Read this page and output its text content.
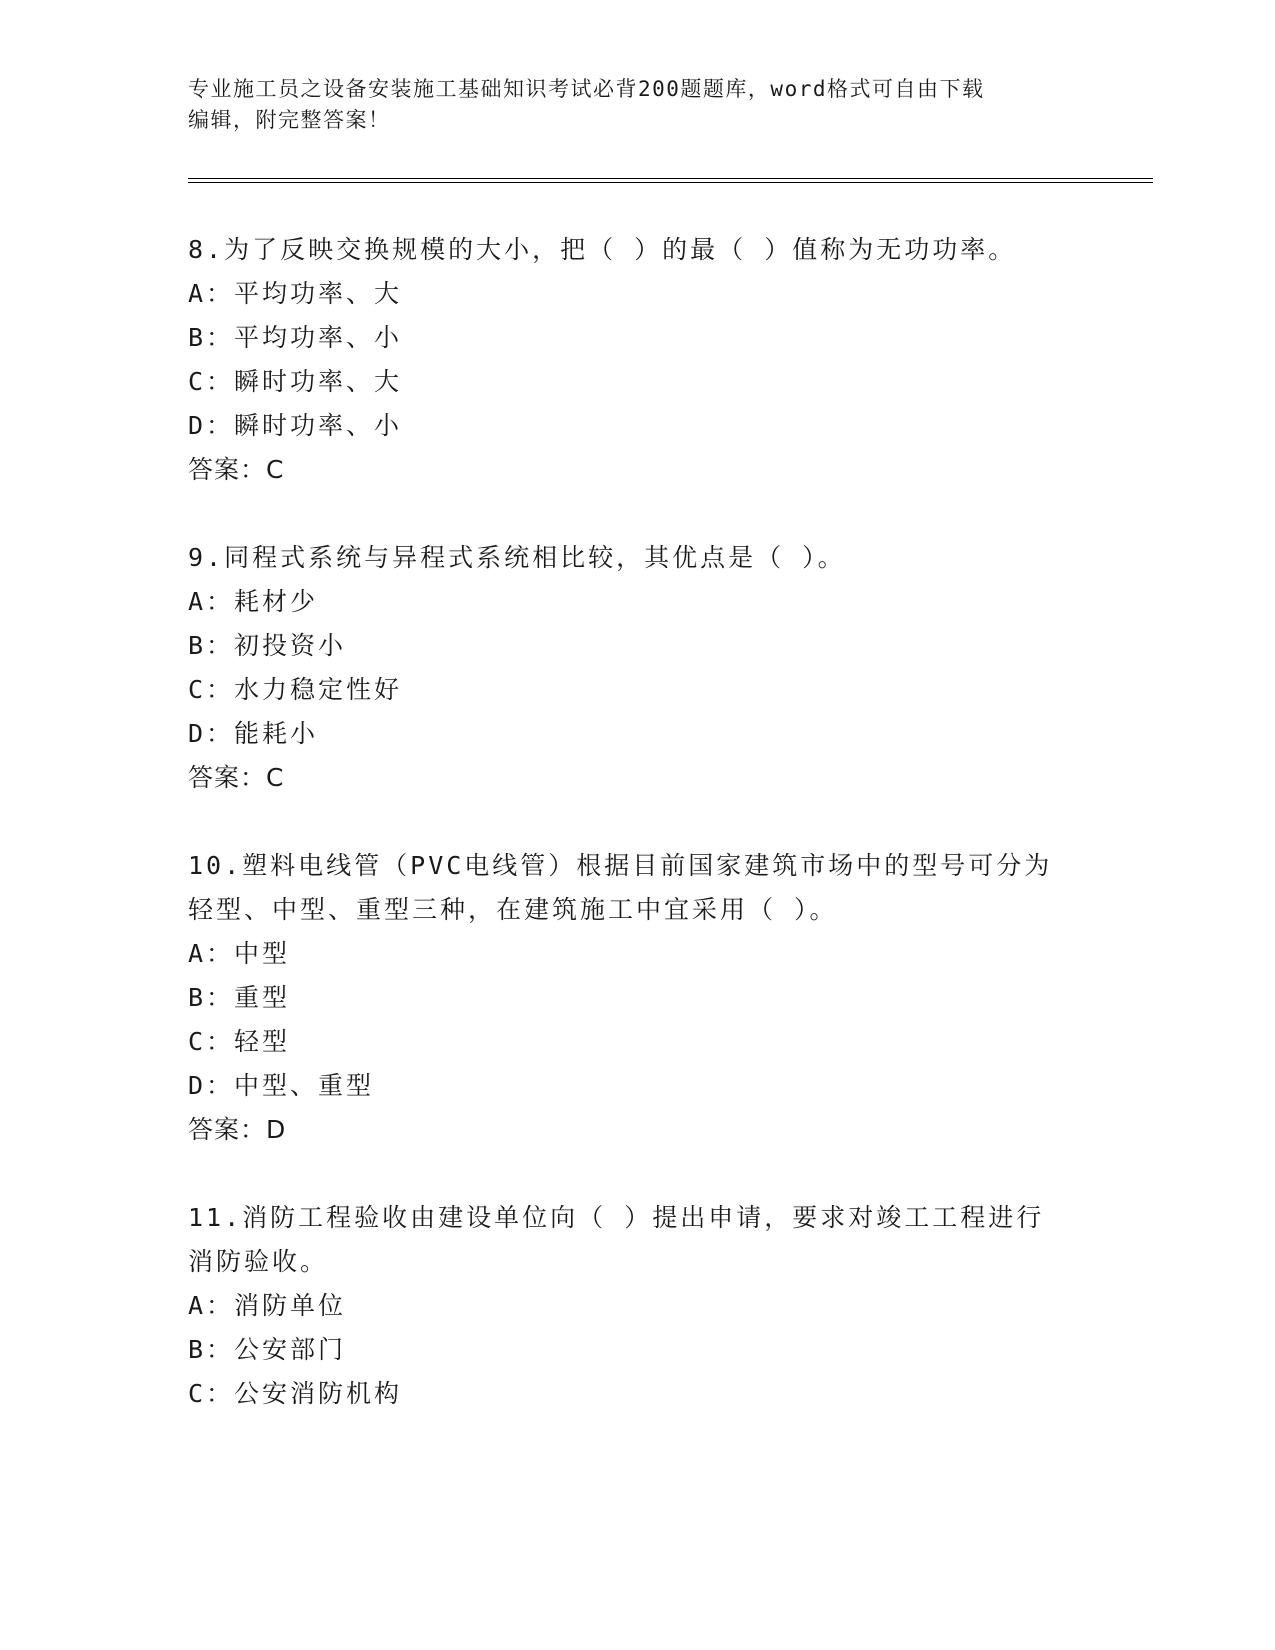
专业施工员之设备安装施工基础知识考试必背200题题库，word格式可自由下载
编辑，附完整答案！
8.为了反映交换规模的大小，把（ ）的最（ ）值称为无功功率。
A：平均功率、大
B：平均功率、小
C：瞬时功率、大
D：瞬时功率、小
答案：C
9.同程式系统与异程式系统相比较，其优点是（ ）。
A：耗材少
B：初投资小
C：水力稳定性好
D：能耗小
答案：C
10.塑料电线管（PVC电线管）根据目前国家建筑市场中的型号可分为
轻型、中型、重型三种，在建筑施工中宜采用（ ）。
A：中型
B：重型
C：轻型
D：中型、重型
答案：D
11.消防工程验收由建设单位向（ ）提出申请，要求对竣工工程进行
消防验收。
A：消防单位
B：公安部门
C：公安消防机构
